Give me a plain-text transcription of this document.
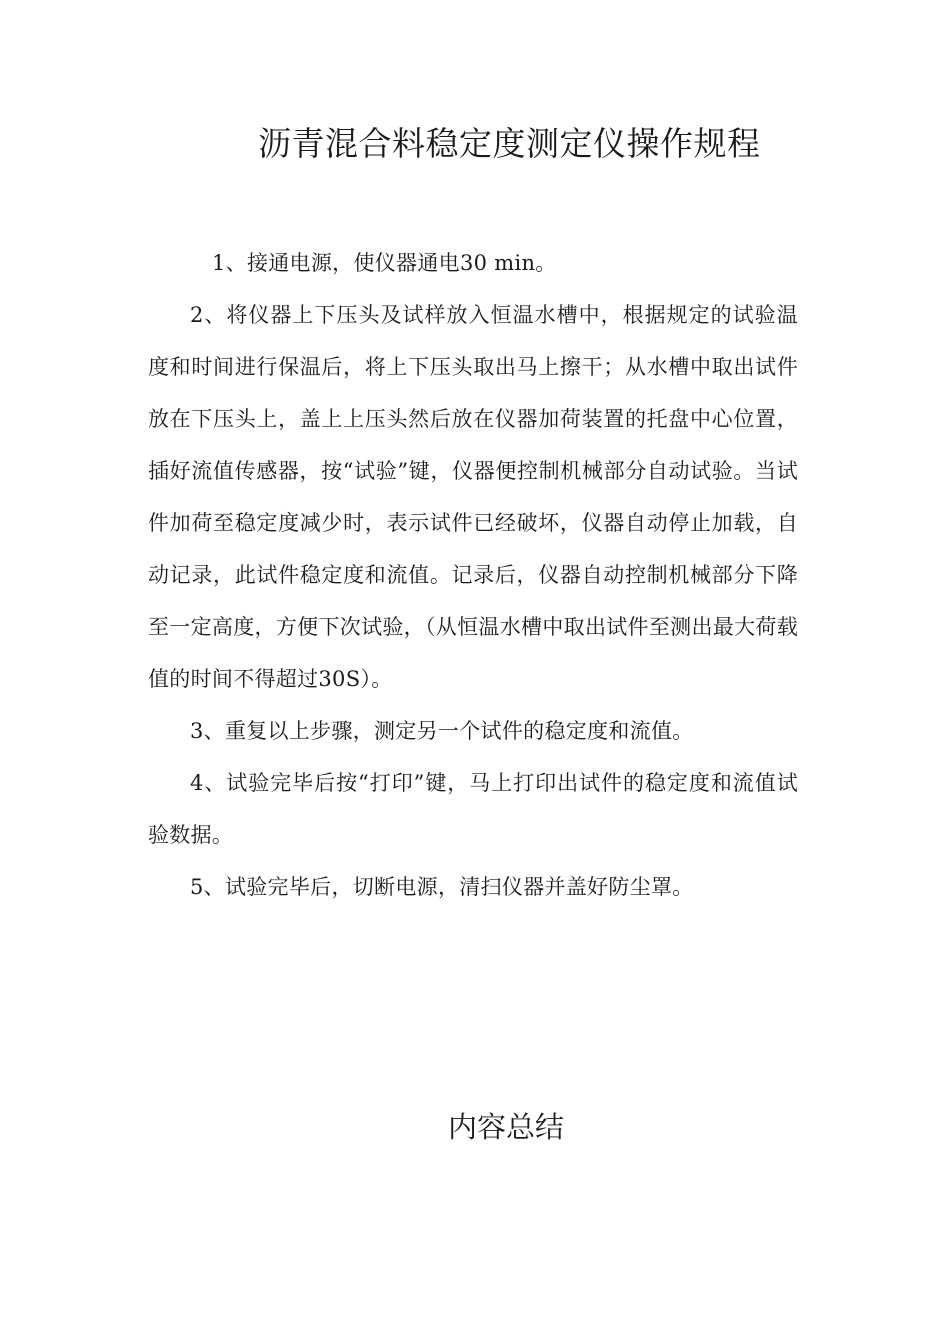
沥青混合料稳定度测定仪操作规程

1、接通电源，使仪器通电30 min。

2、将仪器上下压头及试样放入恒温水槽中，根据规定的试验温度和时间进行保温后，将上下压头取出马上擦干；从水槽中取出试件放在下压头上，盖上上压头然后放在仪器加荷装置的托盘中心位置，插好流值传感器，按“试验”键，仪器便控制机械部分自动试验。当试件加荷至稳定度减少时，表示试件已经破坏，仪器自动停止加载，自动记录，此试件稳定度和流值。记录后，仪器自动控制机械部分下降至一定高度，方便下次试验，（从恒温水槽中取出试件至测出最大荷载值的时间不得超过30S）。

3、重复以上步骤，测定另一个试件的稳定度和流值。

4、试验完毕后按“打印”键，马上打印出试件的稳定度和流值试验数据。

5、试验完毕后，切断电源，清扫仪器并盖好防尘罩。

内容总结
